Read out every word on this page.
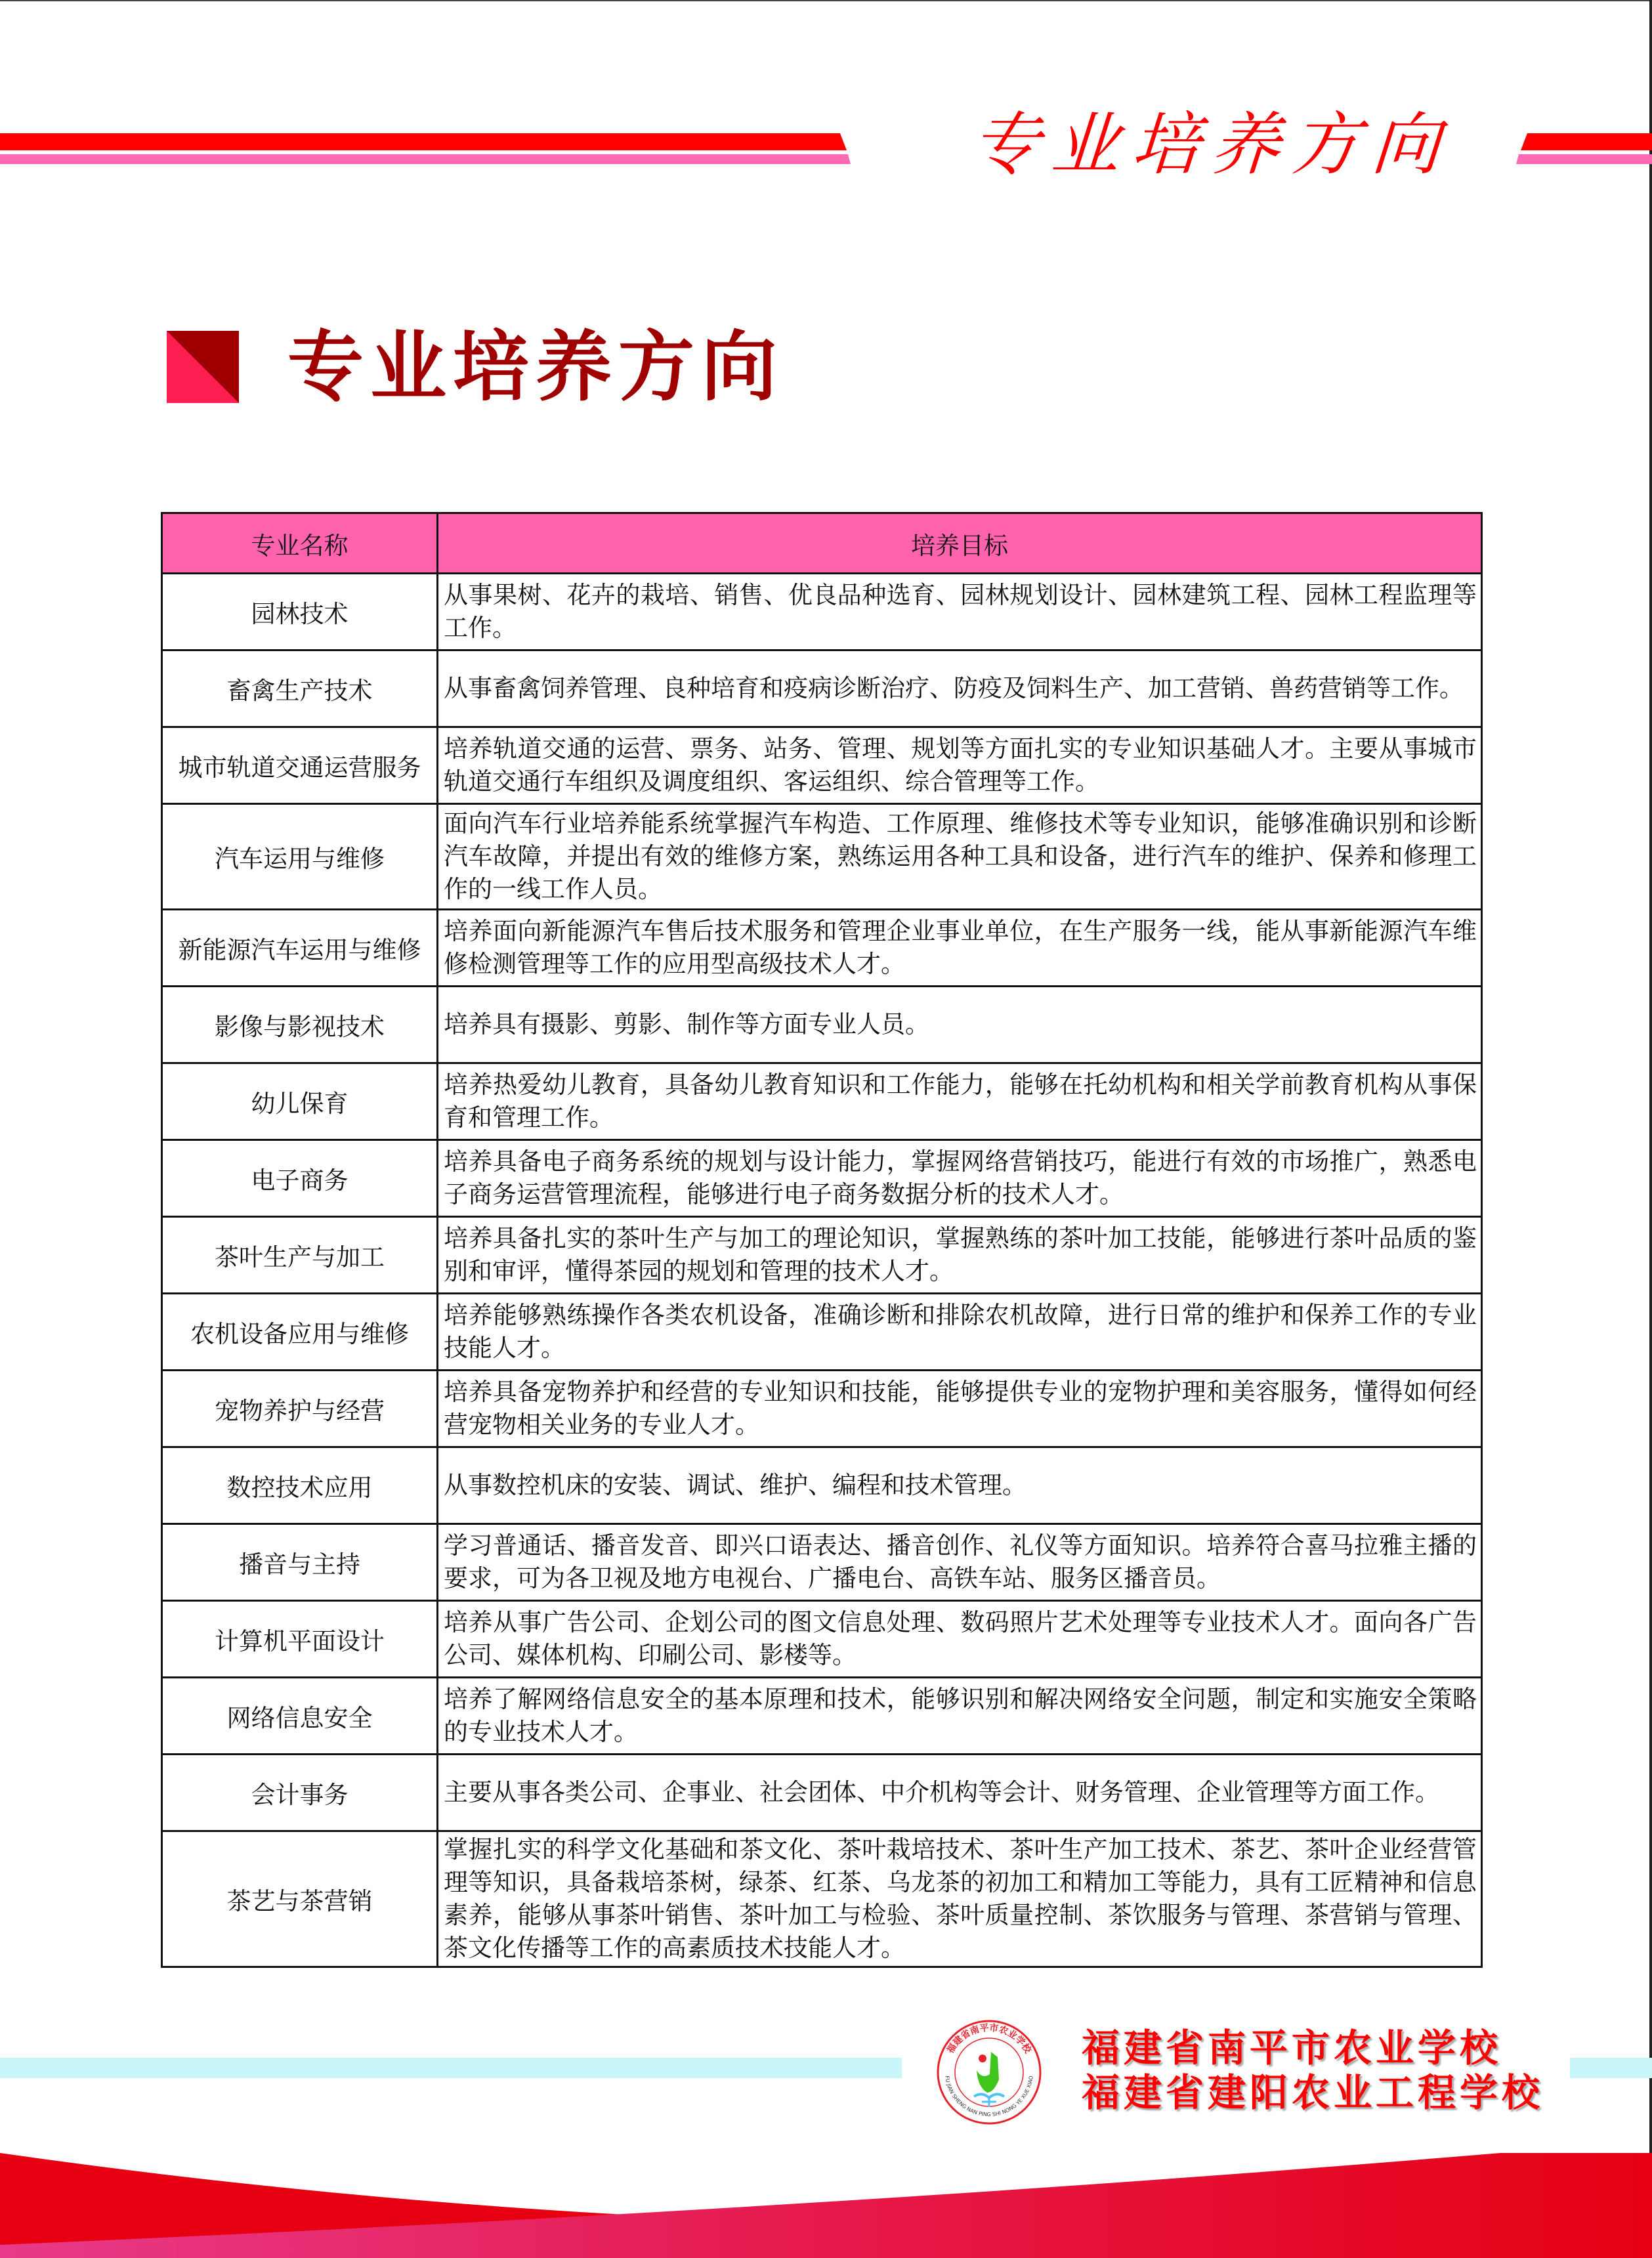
专业培养方向
专业培养方向
专业名称	培养目标
园林技术	从事果树、花卉的栽培、销售、优良品种选育、园林规划设计、园林建筑工程、园林工程监理等工作。
畜禽生产技术	从事畜禽饲养管理、良种培育和疫病诊断治疗、防疫及饲料生产、加工营销、兽药营销等工作。
城市轨道交通运营服务	培养轨道交通的运营、票务、站务、管理、规划等方面扎实的专业知识基础人才。主要从事城市轨道交通行车组织及调度组织、客运组织、综合管理等工作。
汽车运用与维修	面向汽车行业培养能系统掌握汽车构造、工作原理、维修技术等专业知识，能够准确识别和诊断汽车故障，并提出有效的维修方案，熟练运用各种工具和设备，进行汽车的维护、保养和修理工作的一线工作人员。
新能源汽车运用与维修	培养面向新能源汽车售后技术服务和管理企业事业单位，在生产服务一线，能从事新能源汽车维修检测管理等工作的应用型高级技术人才。
影像与影视技术	培养具有摄影、剪影、制作等方面专业人员。
幼儿保育	培养热爱幼儿教育，具备幼儿教育知识和工作能力，能够在托幼机构和相关学前教育机构从事保育和管理工作。
电子商务	培养具备电子商务系统的规划与设计能力，掌握网络营销技巧，能进行有效的市场推广，熟悉电子商务运营管理流程，能够进行电子商务数据分析的技术人才。
茶叶生产与加工	培养具备扎实的茶叶生产与加工的理论知识，掌握熟练的茶叶加工技能，能够进行茶叶品质的鉴别和审评，懂得茶园的规划和管理的技术人才。
农机设备应用与维修	培养能够熟练操作各类农机设备，准确诊断和排除农机故障，进行日常的维护和保养工作的专业技能人才。
宠物养护与经营	培养具备宠物养护和经营的专业知识和技能，能够提供专业的宠物护理和美容服务，懂得如何经营宠物相关业务的专业人才。
数控技术应用	从事数控机床的安装、调试、维护、编程和技术管理。
播音与主持	学习普通话、播音发音、即兴口语表达、播音创作、礼仪等方面知识。培养符合喜马拉雅主播的要求，可为各卫视及地方电视台、广播电台、高铁车站、服务区播音员。
计算机平面设计	培养从事广告公司、企划公司的图文信息处理、数码照片艺术处理等专业技术人才。面向各广告公司、媒体机构、印刷公司、影楼等。
网络信息安全	培养了解网络信息安全的基本原理和技术，能够识别和解决网络安全问题，制定和实施安全策略的专业技术人才。
会计事务	主要从事各类公司、企事业、社会团体、中介机构等会计、财务管理、企业管理等方面工作。
茶艺与茶营销	掌握扎实的科学文化基础和茶文化、茶叶栽培技术、茶叶生产加工技术、茶艺、茶叶企业经营管理等知识，具备栽培茶树，绿茶、红茶、乌龙茶的初加工和精加工等能力，具有工匠精神和信息素养，能够从事茶叶销售、茶叶加工与检验、茶叶质量控制、茶饮服务与管理、茶营销与管理、茶文化传播等工作的高素质技术技能人才。
福建省南平市农业学校
FU JIAN SHENG NAN PING SHI NONG YE XUE XIAO
福建省南平市农业学校
福建省建阳农业工程学校
